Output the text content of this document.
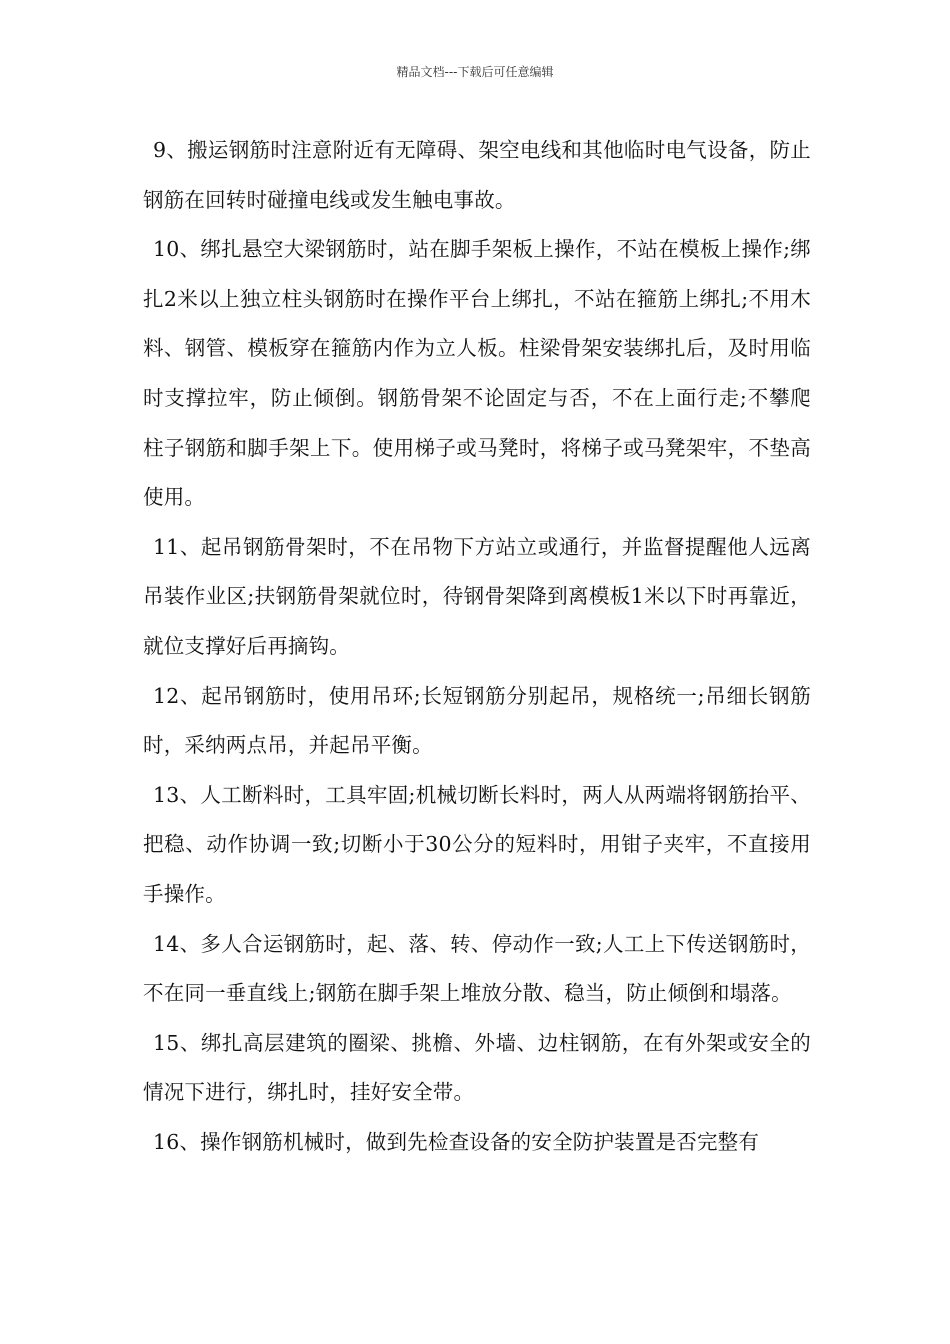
精品文档---下载后可任意编辑

9、搬运钢筋时注意附近有无障碍、架空电线和其他临时电气设备，防止钢筋在回转时碰撞电线或发生触电事故。

10、绑扎悬空大梁钢筋时，站在脚手架板上操作，不站在模板上操作;绑扎2米以上独立柱头钢筋时在操作平台上绑扎，不站在箍筋上绑扎;不用木料、钢管、模板穿在箍筋内作为立人板。柱梁骨架安装绑扎后，及时用临时支撑拉牢，防止倾倒。钢筋骨架不论固定与否，不在上面行走;不攀爬柱子钢筋和脚手架上下。使用梯子或马凳时，将梯子或马凳架牢，不垫高使用。

11、起吊钢筋骨架时，不在吊物下方站立或通行，并监督提醒他人远离吊装作业区;扶钢筋骨架就位时，待钢骨架降到离模板1米以下时再靠近，就位支撑好后再摘钩。

12、起吊钢筋时，使用吊环;长短钢筋分别起吊，规格统一;吊细长钢筋时，采纳两点吊，并起吊平衡。

13、人工断料时，工具牢固;机械切断长料时，两人从两端将钢筋抬平、把稳、动作协调一致;切断小于30公分的短料时，用钳子夹牢，不直接用手操作。

14、多人合运钢筋时，起、落、转、停动作一致;人工上下传送钢筋时，不在同一垂直线上;钢筋在脚手架上堆放分散、稳当，防止倾倒和塌落。

15、绑扎高层建筑的圈梁、挑檐、外墙、边柱钢筋，在有外架或安全的情况下进行，绑扎时，挂好安全带。

16、操作钢筋机械时，做到先检查设备的安全防护装置是否完整有
